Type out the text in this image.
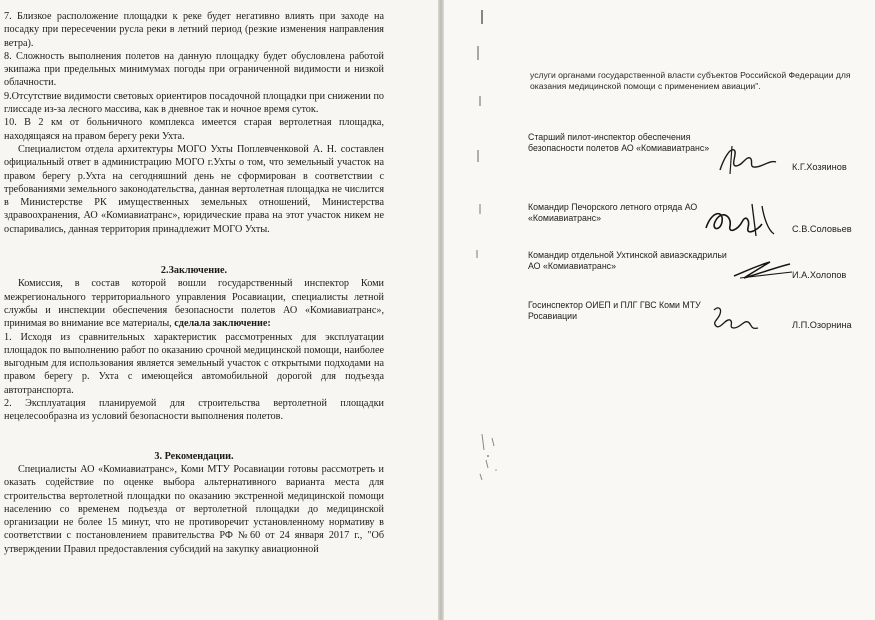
7. Близкое расположение площадки к реке будет негативно влиять при заходе на посадку при пересечении русла реки в летний период (резкие изменения направления ветра).

8. Сложность выполнения полетов на данную площадку будет обусловлена работой экипажа при предельных минимумах погоды при ограниченной видимости и низкой облачности.

9.Отсутствие видимости световых ориентиров посадочной площадки при снижении по глиссаде из-за лесного массива, как в дневное так и ночное время суток.

10. В 2 км от больничного комплекса имеется старая вертолетная площадка, находящаяся на правом берегу реки Ухта.

Специалистом отдела архитектуры МОГО Ухты Поплевченковой А. Н. составлен официальный ответ в администрацию МОГО г.Ухты о том, что земельный участок на правом берегу р.Ухта на сегодняшний день не сформирован в соответствии с требованиями земельного законодательства, данная вертолетная площадка не числится в Министерстве РК имущественных земельных отношений, Министерства здравоохранения, АО «Комиавиатранс», юридические права на этот участок никем не оспаривались, данная территория принадлежит МОГО Ухты.

2.Заключение.

Комиссия, в состав которой вошли государственный инспектор Коми межрегионального территориального управления Росавиации, специалисты летной службы и инспекции обеспечения безопасности полетов АО «Комиавиатранс», принимая во внимание все материалы, сделала заключение:

1. Исходя из сравнительных характеристик рассмотренных для эксплуатации площадок по выполнению работ по оказанию срочной медицинской помощи, наиболее выгодным для использования является земельный участок с открытыми подходами на правом берегу р. Ухта с имеющейся автомобильной дорогой для подъезда автотранспорта.

2. Эксплуатация планируемой для строительства вертолетной площадки нецелесообразна из условий безопасности выполнения полетов.

3. Рекомендации.

Специалисты АО «Комиавиатранс», Коми МТУ Росавиации готовы рассмотреть и оказать содействие по оценке выбора альтернативного варианта места для строительства вертолетной площадки по оказанию экстренной медицинской помощи населению со временем подъезда от вертолетной площадки до медицинской организации не более 15 минут, что не противоречит установленному нормативу в соответствии с постановлением правительства РФ №60 от 24 января 2017 г., "Об утверждении Правил предоставления субсидий на закупку авиационной

услуги органами государственной власти субъектов Российской Федерации для оказания медицинской помощи с применением авиации".
Старший пилот-инспектор обеспечения безопасности полетов АО «Комиавиатранс»
К.Г.Хозяинов
Командир Печорского летного отряда АО «Комиавиатранс»
С.В.Соловьев
Командир отдельной Ухтинской авиаэскадрильи АО «Комиавиатранс»
И.А.Холопов
Госинспектор ОИЕП и ПЛГ ГВС Коми МТУ Росавиации
Л.П.Озорнина
